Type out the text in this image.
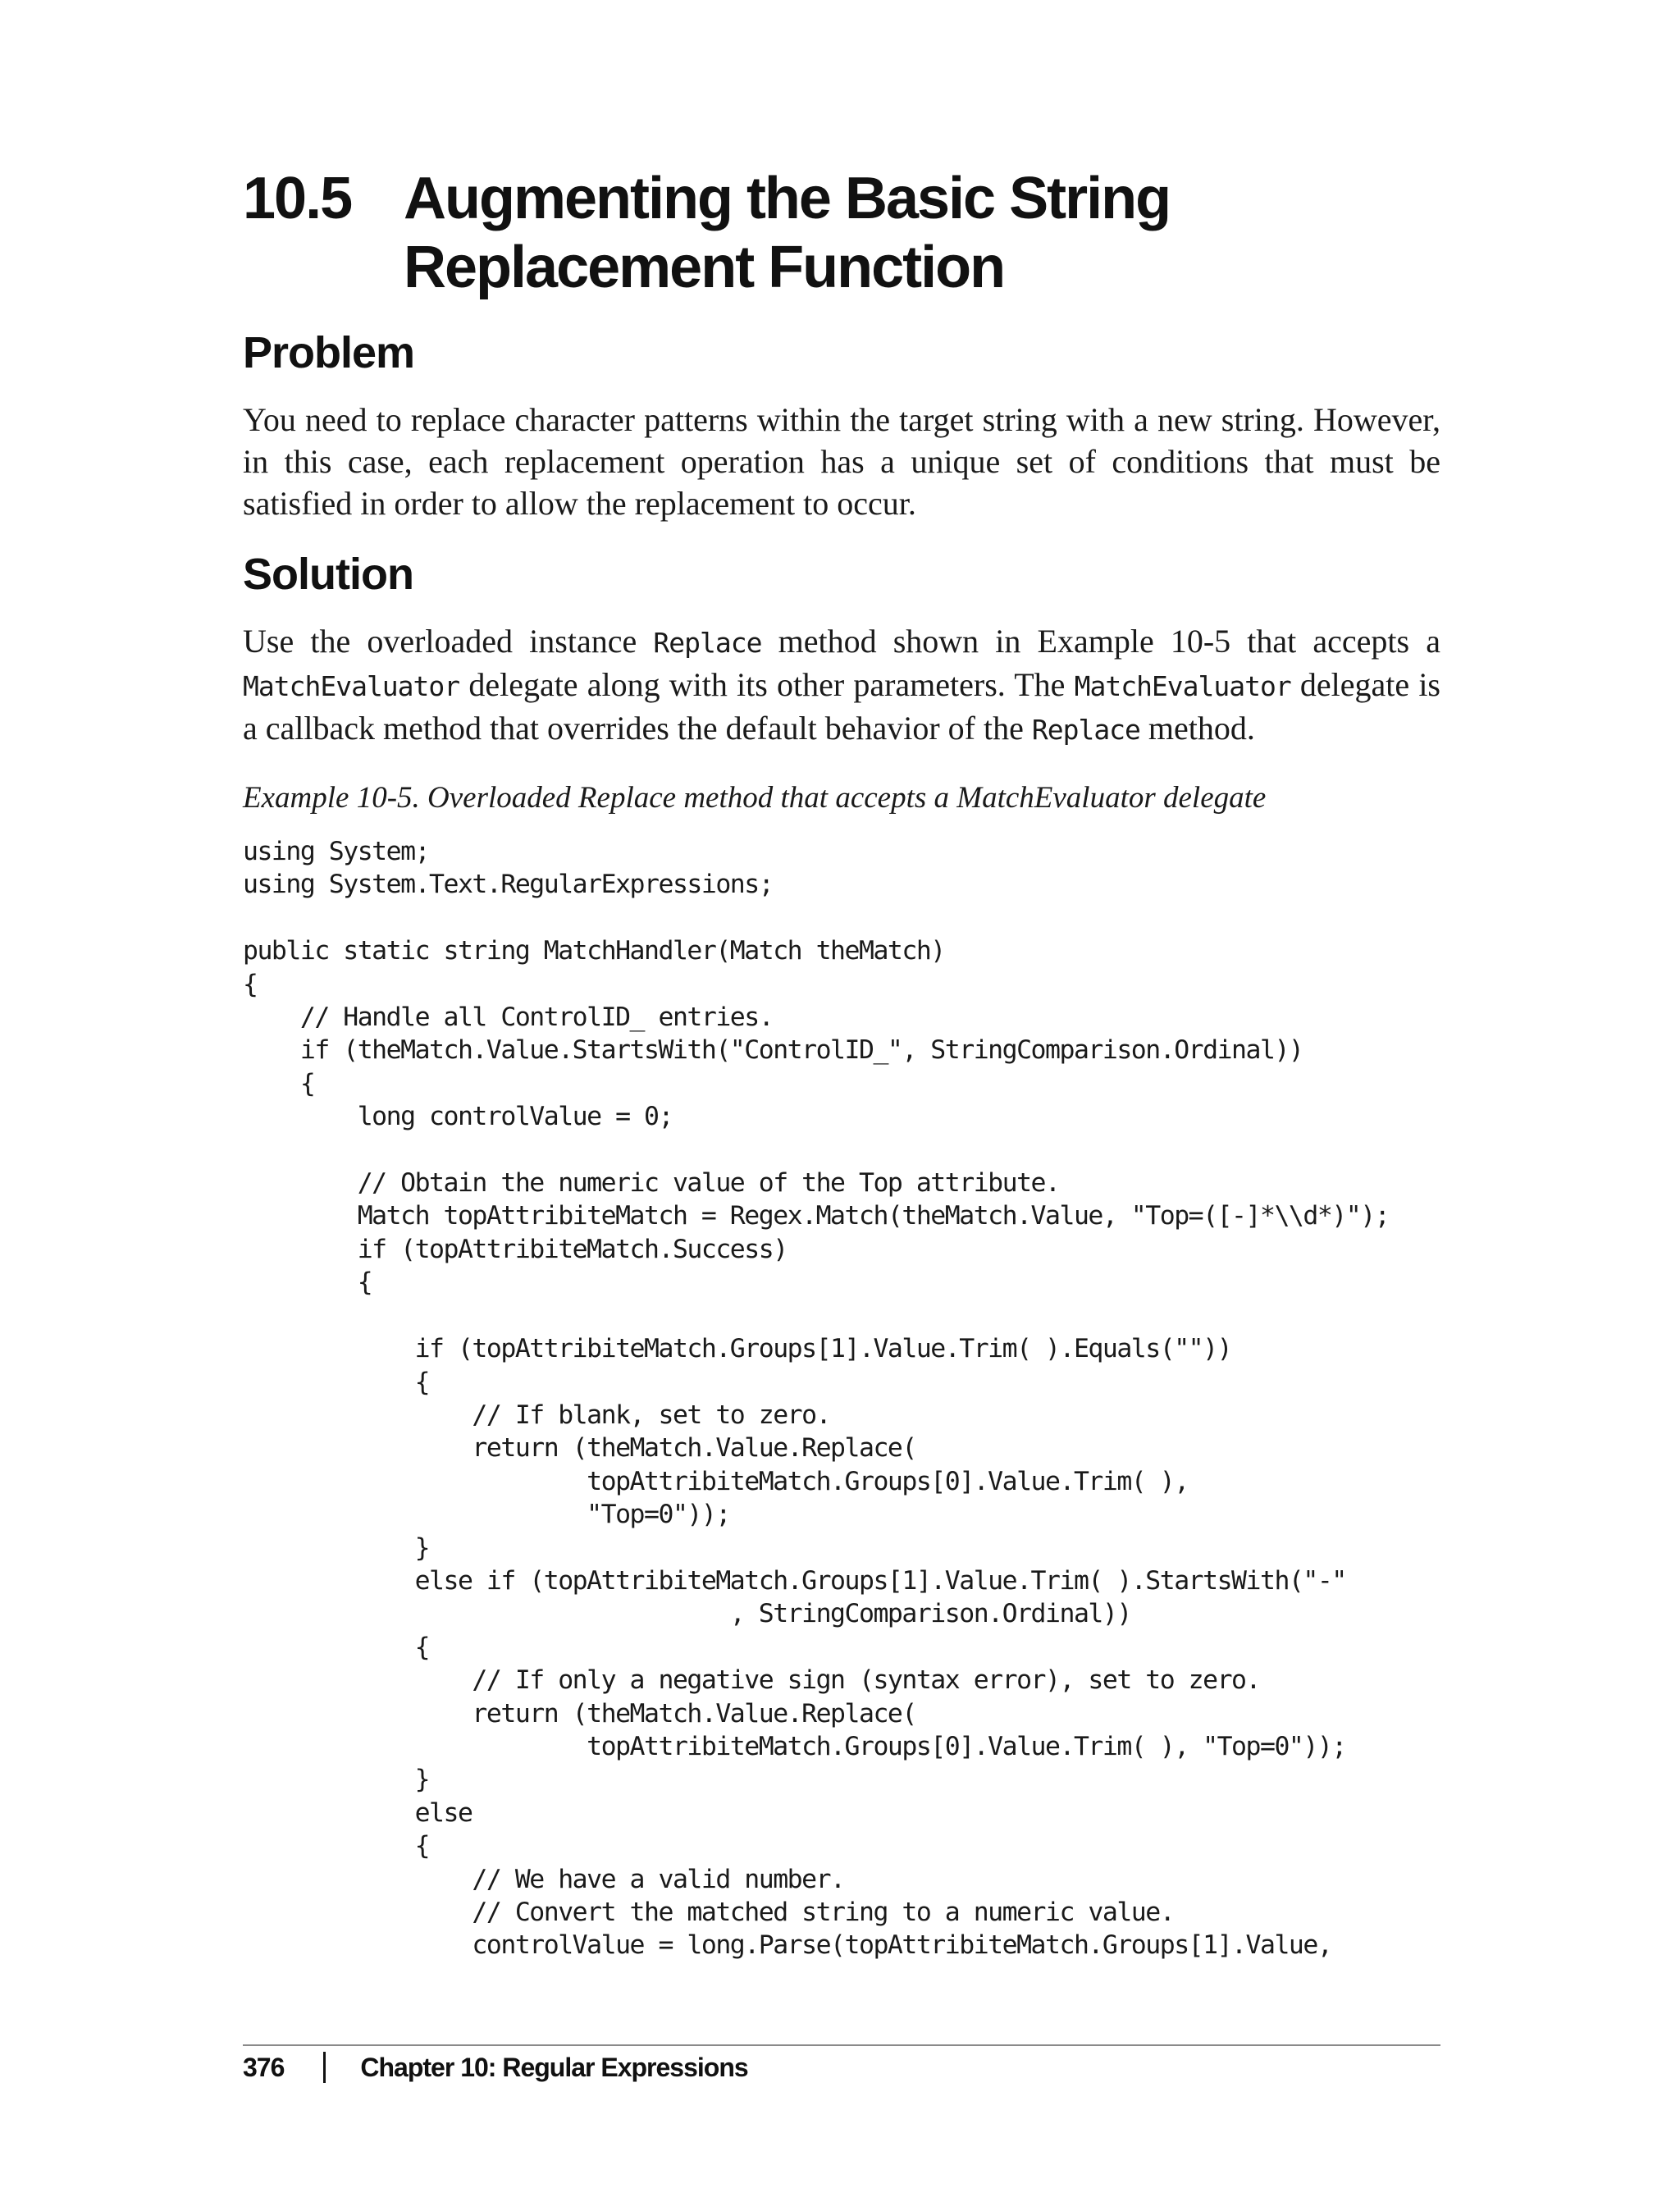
10.5 Augmenting the Basic String Replacement Function
Problem

You need to replace character patterns within the target string with a new string. However, in this case, each replacement operation has a unique set of conditions that must be satisfied in order to allow the replacement to occur.

Solution

Use the overloaded instance Replace method shown in Example 10-5 that accepts a MatchEvaluator delegate along with its other parameters. The MatchEvaluator delegate is a callback method that overrides the default behavior of the Replace method.

Example 10-5. Overloaded Replace method that accepts a MatchEvaluator delegate
using System;
using System.Text.RegularExpressions;

public static string MatchHandler(Match theMatch)
{
// Handle all ControlID_ entries.
if (theMatch.Value.StartsWith("ControlID_", StringComparison.Ordinal))
{
long controlValue = 0;

// Obtain the numeric value of the Top attribute.
Match topAttribiteMatch = Regex.Match(theMatch.Value, "Top=([-]*\\d*)");
if (topAttribiteMatch.Success)
{

if (topAttribiteMatch.Groups[1].Value.Trim( ).Equals(""))
{
// If blank, set to zero.
return (theMatch.Value.Replace(
topAttribiteMatch.Groups[0].Value.Trim( ),
"Top=0"));
}
else if (topAttribiteMatch.Groups[1].Value.Trim( ).StartsWith("-"
, StringComparison.Ordinal))
{
// If only a negative sign (syntax error), set to zero.
return (theMatch.Value.Replace(
topAttribiteMatch.Groups[0].Value.Trim( ), "Top=0"));
}
else
{
// We have a valid number.
// Convert the matched string to a numeric value.
controlValue = long.Parse(topAttribiteMatch.Groups[1].Value,
376	Chapter 10: Regular Expressions
